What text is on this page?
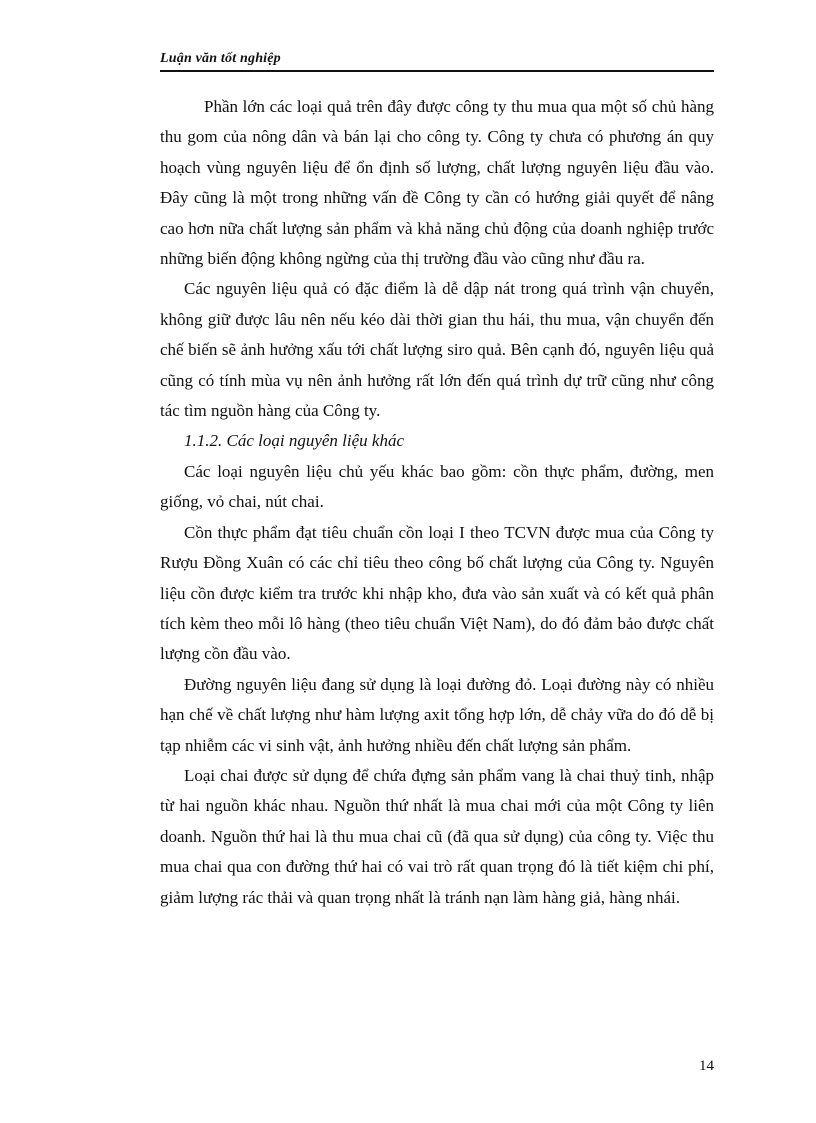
Luận văn tốt nghiệp

Phần lớn các loại quả trên đây được công ty thu mua qua một số chủ hàng thu gom của nông dân và bán lại cho công ty. Công ty chưa có phương án quy hoạch vùng nguyên liệu để ổn định số lượng, chất lượng nguyên liệu đầu vào. Đây cũng là một trong những vấn đề Công ty cần có hướng giải quyết để nâng cao hơn nữa chất lượng sản phẩm và khả năng chủ động của doanh nghiệp trước những biến động không ngừng của thị trường đầu vào cũng như đầu ra.

Các nguyên liệu quả có đặc điểm là dễ dập nát trong quá trình vận chuyển, không giữ được lâu nên nếu kéo dài thời gian thu hái, thu mua, vận chuyển đến chế biến sẽ ảnh hưởng xấu tới chất lượng siro quả. Bên cạnh đó, nguyên liệu quả cũng có tính mùa vụ nên ảnh hưởng rất lớn đến quá trình dự trữ cũng như công tác tìm nguồn hàng của Công ty.

1.1.2. Các loại nguyên liệu khác

Các loại nguyên liệu chủ yếu khác bao gồm: cồn thực phẩm, đường, men giống, vỏ chai, nút chai.

Cồn thực phẩm đạt tiêu chuẩn cồn loại I theo TCVN được mua của Công ty Rượu Đồng Xuân có các chỉ tiêu theo công bố chất lượng của Công ty. Nguyên liệu cồn được kiểm tra trước khi nhập kho, đưa vào sản xuất và có kết quả phân tích kèm theo mỗi lô hàng (theo tiêu chuẩn Việt Nam), do đó đảm bảo được chất lượng cồn đầu vào.

Đường nguyên liệu đang sử dụng là loại đường đỏ. Loại đường này có nhiều hạn chế về chất lượng như hàm lượng axit tổng hợp lớn, dễ chảy vữa do đó dễ bị tạp nhiễm các vi sinh vật, ảnh hưởng nhiều đến chất lượng sản phẩm.

Loại chai được sử dụng để chứa đựng sản phẩm vang là chai thuỷ tinh, nhập từ hai nguồn khác nhau. Nguồn thứ nhất là mua chai mới của một Công ty liên doanh. Nguồn thứ hai là thu mua chai cũ (đã qua sử dụng) của công ty. Việc thu mua chai qua con đường thứ hai có vai trò rất quan trọng đó là tiết kiệm chi phí, giảm lượng rác thải và quan trọng nhất là tránh nạn làm hàng giả, hàng nhái.

14
